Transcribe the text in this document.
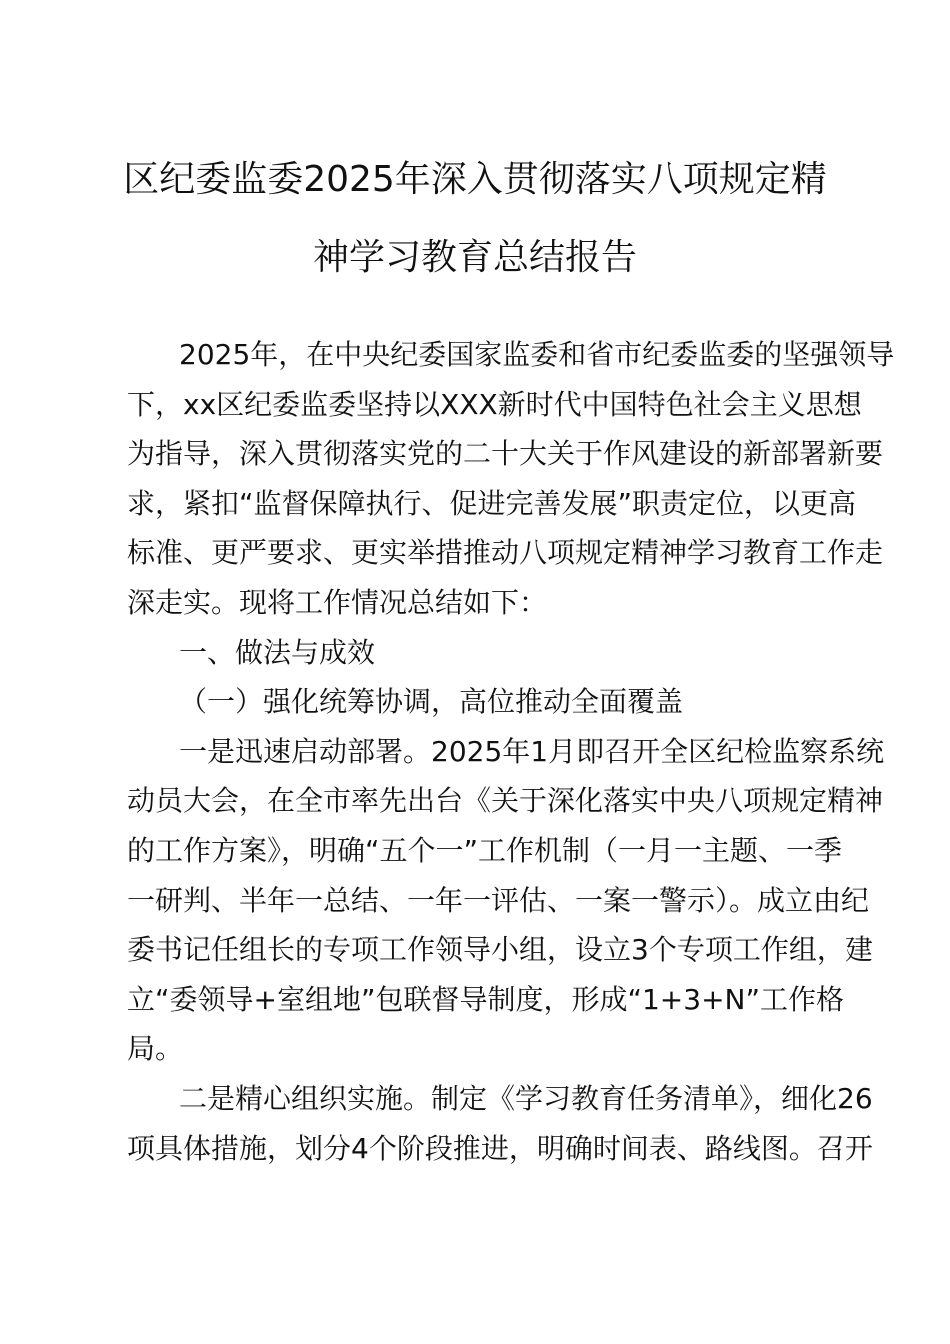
区纪委监委2025年深入贯彻落实八项规定精
神学习教育总结报告
2025年，在中央纪委国家监委和省市纪委监委的坚强领导
下，xx区纪委监委坚持以XXX新时代中国特色社会主义思想
为指导，深入贯彻落实党的二十大关于作风建设的新部署新要
求，紧扣“监督保障执行、促进完善发展”职责定位，以更高
标准、更严要求、更实举措推动八项规定精神学习教育工作走
深走实。现将工作情况总结如下：
一、做法与成效
（一）强化统筹协调，高位推动全面覆盖
一是迅速启动部署。2025年1月即召开全区纪检监察系统
动员大会，在全市率先出台《关于深化落实中央八项规定精神
的工作方案》，明确“五个一”工作机制（一月一主题、一季
一研判、半年一总结、一年一评估、一案一警示）。成立由纪
委书记任组长的专项工作领导小组，设立3个专项工作组，建
立“委领导+室组地”包联督导制度，形成“1+3+N”工作格
局。
二是精心组织实施。制定《学习教育任务清单》，细化26
项具体措施，划分4个阶段推进，明确时间表、路线图。召开
